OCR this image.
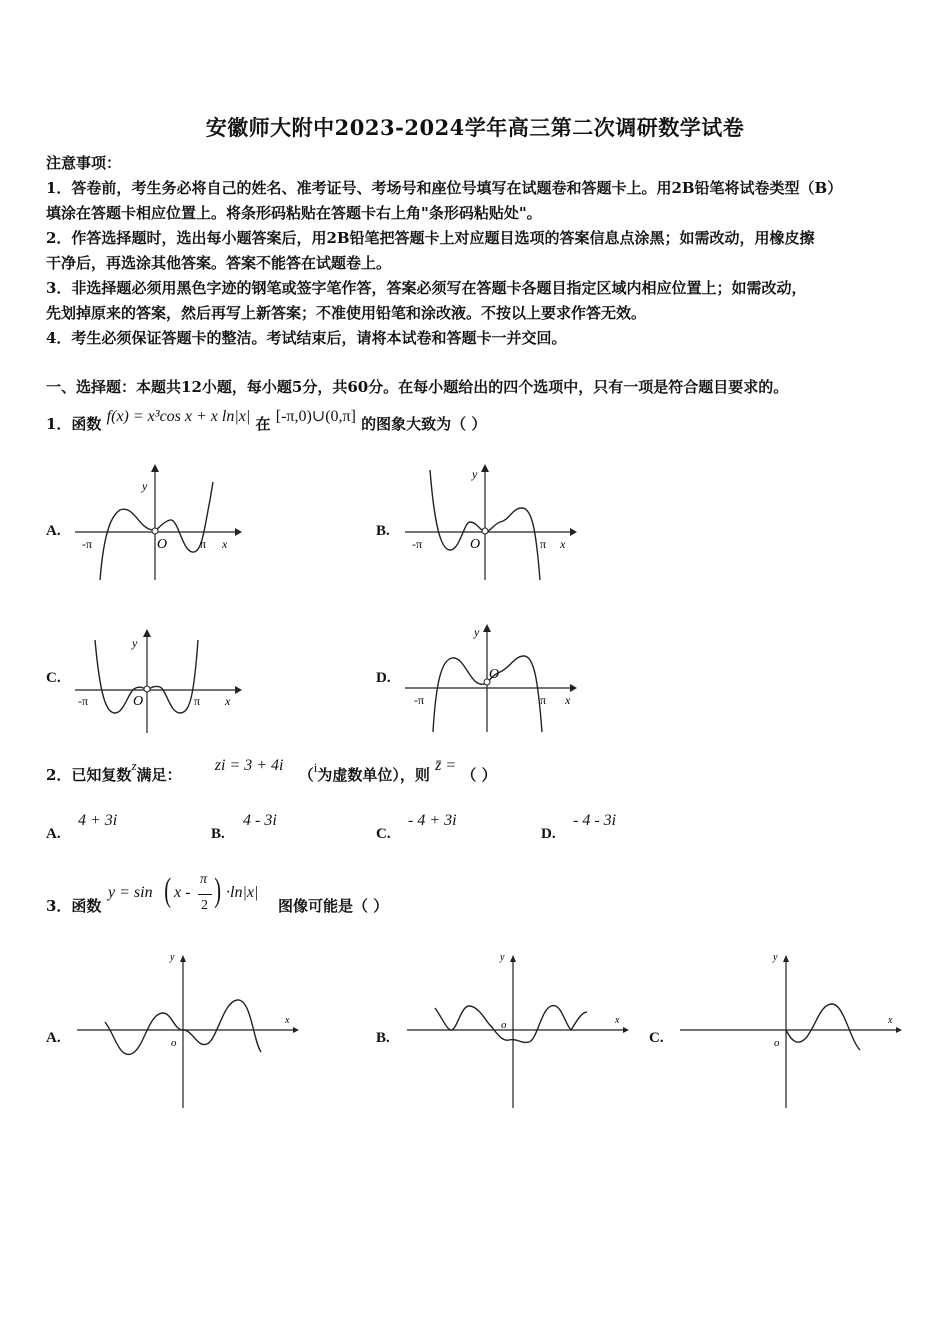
安徽师大附中2023-2024学年高三第二次调研数学试卷
注意事项：
1．答卷前，考生务必将自己的姓名、准考证号、考场号和座位号填写在试题卷和答题卡上。用2B铅笔将试卷类型（B）
填涂在答题卡相应位置上。将条形码粘贴在答题卡右上角"条形码粘贴处"。
2．作答选择题时，选出每小题答案后，用2B铅笔把答题卡上对应题目选项的答案信息点涂黑；如需改动，用橡皮擦
干净后，再选涂其他答案。答案不能答在试题卷上。
3．非选择题必须用黑色字迹的钢笔或签字笔作答，答案必须写在答题卡各题目指定区域内相应位置上；如需改动，
先划掉原来的答案，然后再写上新答案；不准使用铅笔和涂改液。不按以上要求作答无效。
4．考生必须保证答题卡的整洁。考试结束后，请将本试卷和答题卡一并交回。
一、选择题：本题共12小题，每小题5分，共60分。在每小题给出的四个选项中，只有一项是符合题目要求的。
1．函数 f(x) = x³cos x + x ln|x| 在 [-π,0)∪(0,π] 的图象大致为（ ）
A.	B.
C.	D.
y
-π	O	π x
y
-π	O	π x
y
-π	O	π x
y
-π
O
π x
2．已知复数z满足： zi = 3 + 4i （i为虚数单位），则 z̄ = （ ）
A.
4 + 3i
B.
4 - 3i
C.
- 4 + 3i
D.
- 4 - 3i
3．函数
y = sin ( x -
π
2 ) ·ln|x|
图像可能是（ ）
A.	B.	C.
y
x
o
y
x
o
y
x
o
